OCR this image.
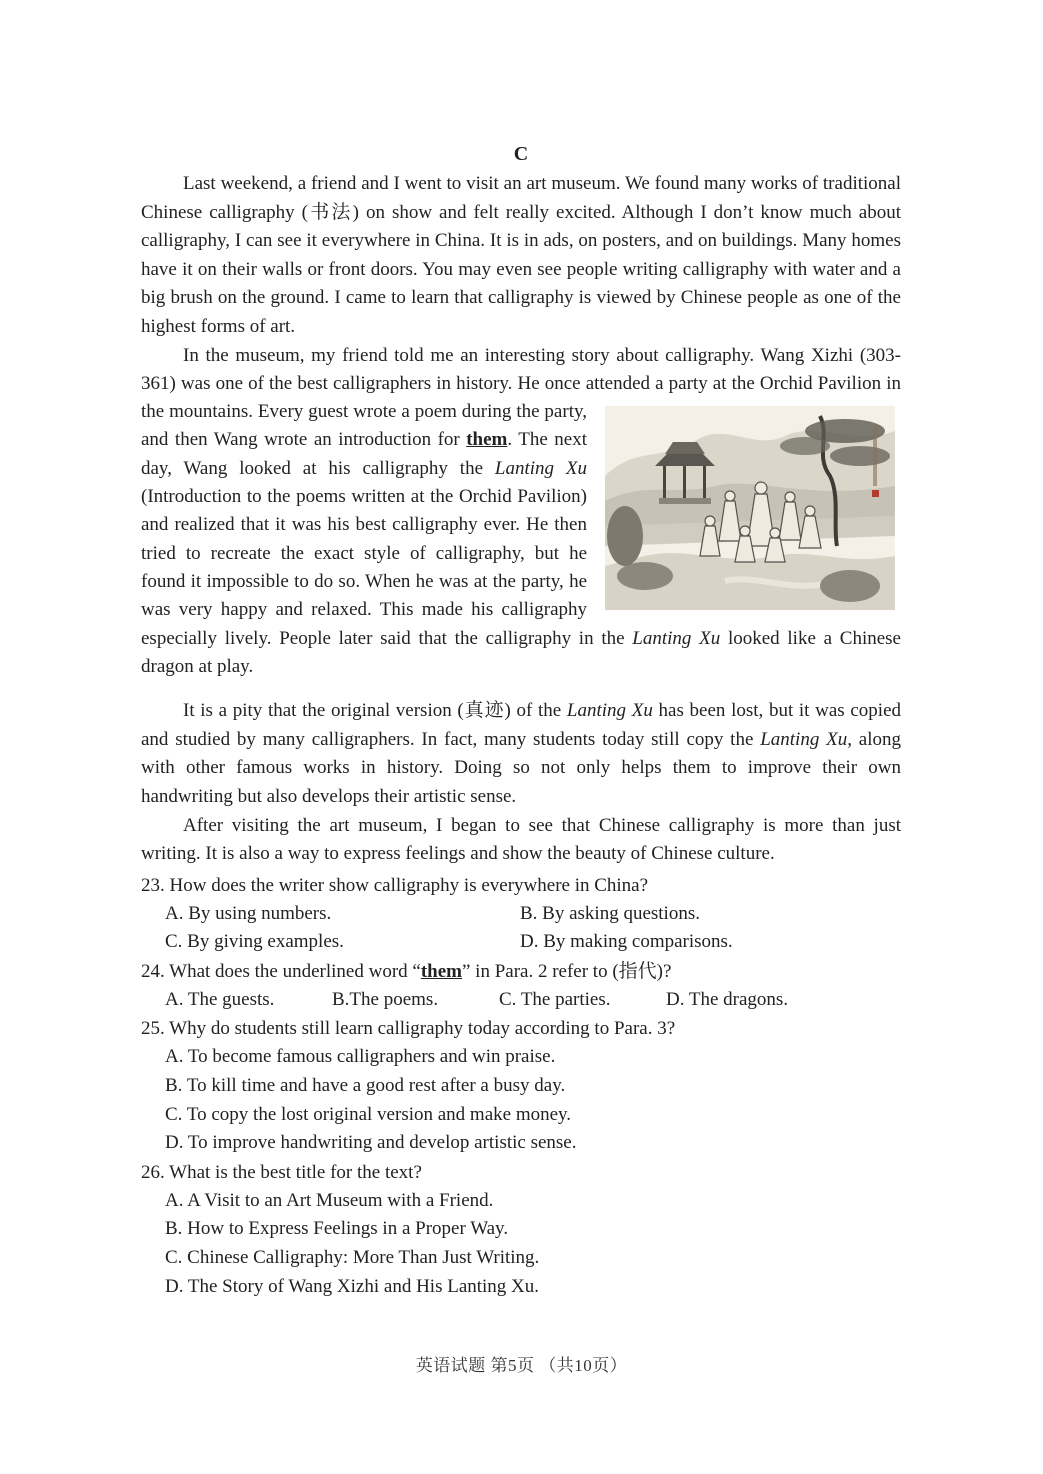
C

Last weekend, a friend and I went to visit an art museum. We found many works of traditional Chinese calligraphy (书法) on show and felt really excited. Although I don’t know much about calligraphy, I can see it everywhere in China. It is in ads, on posters, and on buildings. Many homes have it on their walls or front doors. You may even see people writing calligraphy with water and a big brush on the ground. I came to learn that calligraphy is viewed by Chinese people as one of the highest forms of art.

In the museum, my friend told me an interesting story about calligraphy. Wang Xizhi (303-361) was one of the best calligraphers in history. He once attended a party at the
Orchid Pavilion in the mountains. Every guest wrote a poem during the party, and then Wang wrote an introduction for them. The next day, Wang looked at his calligraphy the Lanting Xu (Introduction to the poems written at the Orchid Pavilion) and realized that it was his best calligraphy ever. He then tried to recreate the exact style of calligraphy, but he found it impossible to do so. When he was at the party, he was very happy and relaxed. This made his calligraphy especially lively. People later said that the calligraphy in the Lanting Xu looked like a Chinese dragon at play.

It is a pity that the original version (真迹) of the Lanting Xu has been lost, but it was copied and studied by many calligraphers. In fact, many students today still copy the Lanting Xu, along with other famous works in history. Doing so not only helps them to improve their own handwriting but also develops their artistic sense.

After visiting the art museum, I began to see that Chinese calligraphy is more than just writing. It is also a way to express feelings and show the beauty of Chinese culture.

23. How does the writer show calligraphy is everywhere in China?

A. By using numbers.	B. By asking questions.
C. By giving examples.	D. By making comparisons.

24. What does the underlined word “them” in Para. 2 refer to (指代)?

A. The guests.	B.The poems.	C. The parties.	D. The dragons.

25. Why do students still learn calligraphy today according to Para. 3?

A. To become famous calligraphers and win praise.
B. To kill time and have a good rest after a busy day.
C. To copy the lost original version and make money.
D. To improve handwriting and develop artistic sense.

26. What is the best title for the text?

A. A Visit to an Art Museum with a Friend.
B. How to Express Feelings in a Proper Way.
C. Chinese Calligraphy: More Than Just Writing.
D. The Story of Wang Xizhi and His Lanting Xu.
英语试题 第5页 （共10页）
